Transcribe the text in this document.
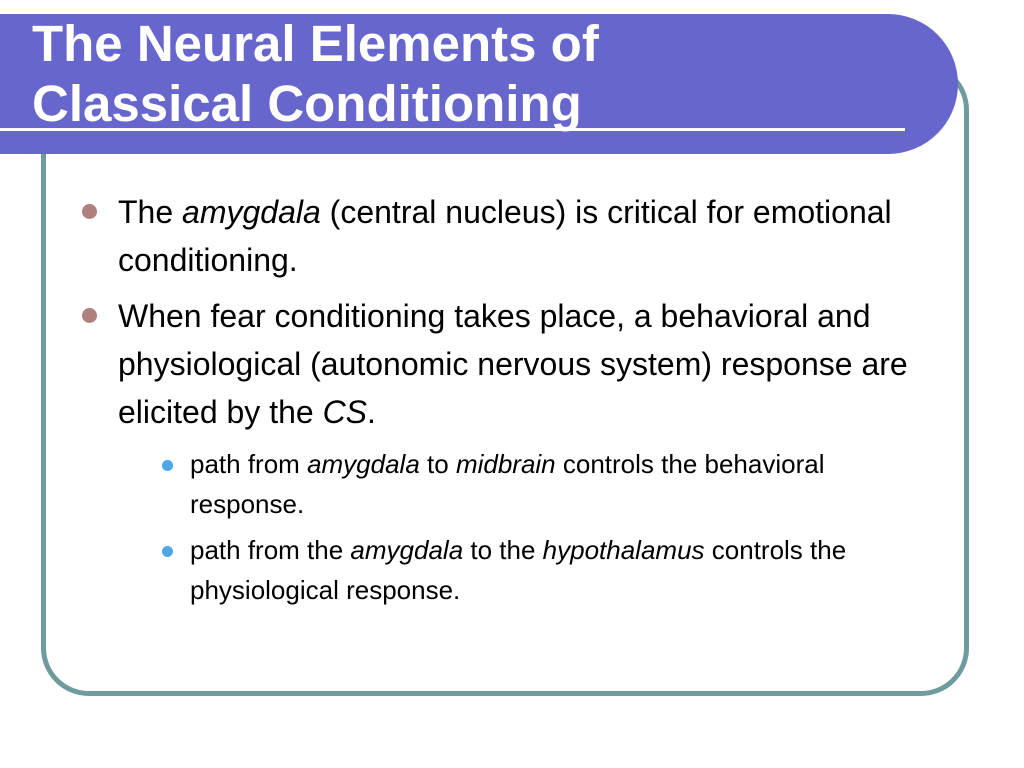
The Neural Elements of
Classical Conditioning
The amygdala (central nucleus) is critical for emotional conditioning.
When fear conditioning takes place, a behavioral and physiological (autonomic nervous system) response are elicited by the CS.
path from amygdala to midbrain controls the behavioral response.
path from the amygdala to the hypothalamus controls the physiological response.
